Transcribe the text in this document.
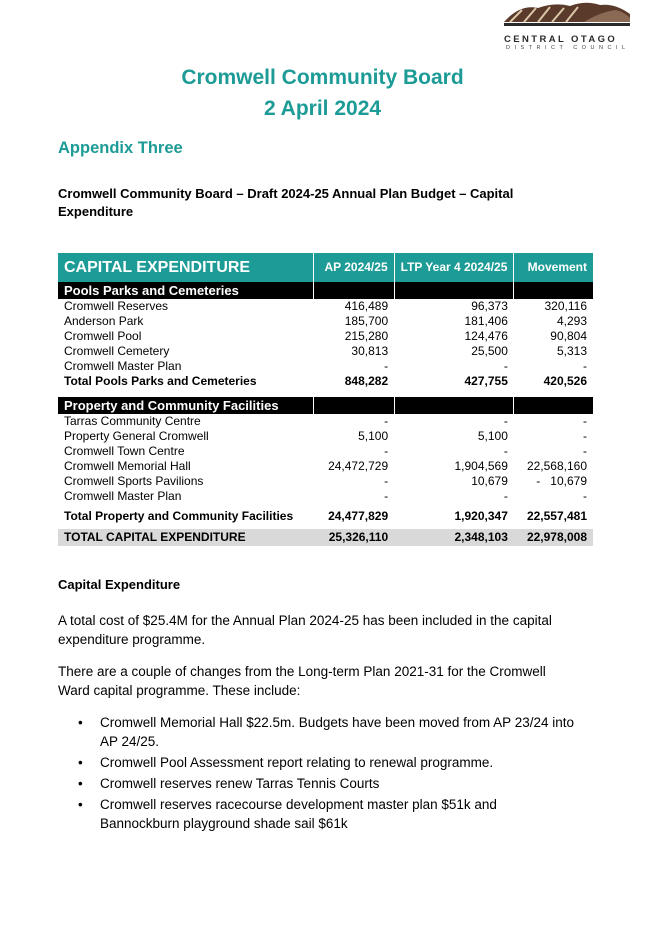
CENTRAL OTAGO
DISTRICT COUNCIL
Cromwell Community Board
2 April 2024
Appendix Three
Cromwell Community Board – Draft 2024-25 Annual Plan Budget – Capital Expenditure
CAPITAL EXPENDITURE	AP 2024/25	LTP Year 4 2024/25	Movement
Pools Parks and Cemeteries			
Cromwell Reserves	416,489	96,373	320,116
Anderson Park	185,700	181,406	4,293
Cromwell Pool	215,280	124,476	90,804
Cromwell Cemetery	30,813	25,500	5,313
Cromwell Master Plan	-	-	-
Total Pools Parks and Cemeteries	848,282	427,755	420,526

Property and Community Facilities			
Tarras Community Centre	-	-	-
Property General Cromwell	5,100	5,100	-
Cromwell Town Centre	-	-	-
Cromwell Memorial Hall	24,472,729	1,904,569	22,568,160
Cromwell Sports Pavilions	-	10,679	- 10,679
Cromwell Master Plan	-	-	-

Total Property and Community Facilities	24,477,829	1,920,347	22,557,481

TOTAL CAPITAL EXPENDITURE	25,326,110	2,348,103	22,978,008
Capital Expenditure
A total cost of $25.4M for the Annual Plan 2024-25 has been included in the capital expenditure programme.
There are a couple of changes from the Long-term Plan 2021-31 for the Cromwell Ward capital programme. These include:
• Cromwell Memorial Hall $22.5m. Budgets have been moved from AP 23/24 into AP 24/25.
• Cromwell Pool Assessment report relating to renewal programme.
• Cromwell reserves renew Tarras Tennis Courts
• Cromwell reserves racecourse development master plan $51k and Bannockburn playground shade sail $61k
